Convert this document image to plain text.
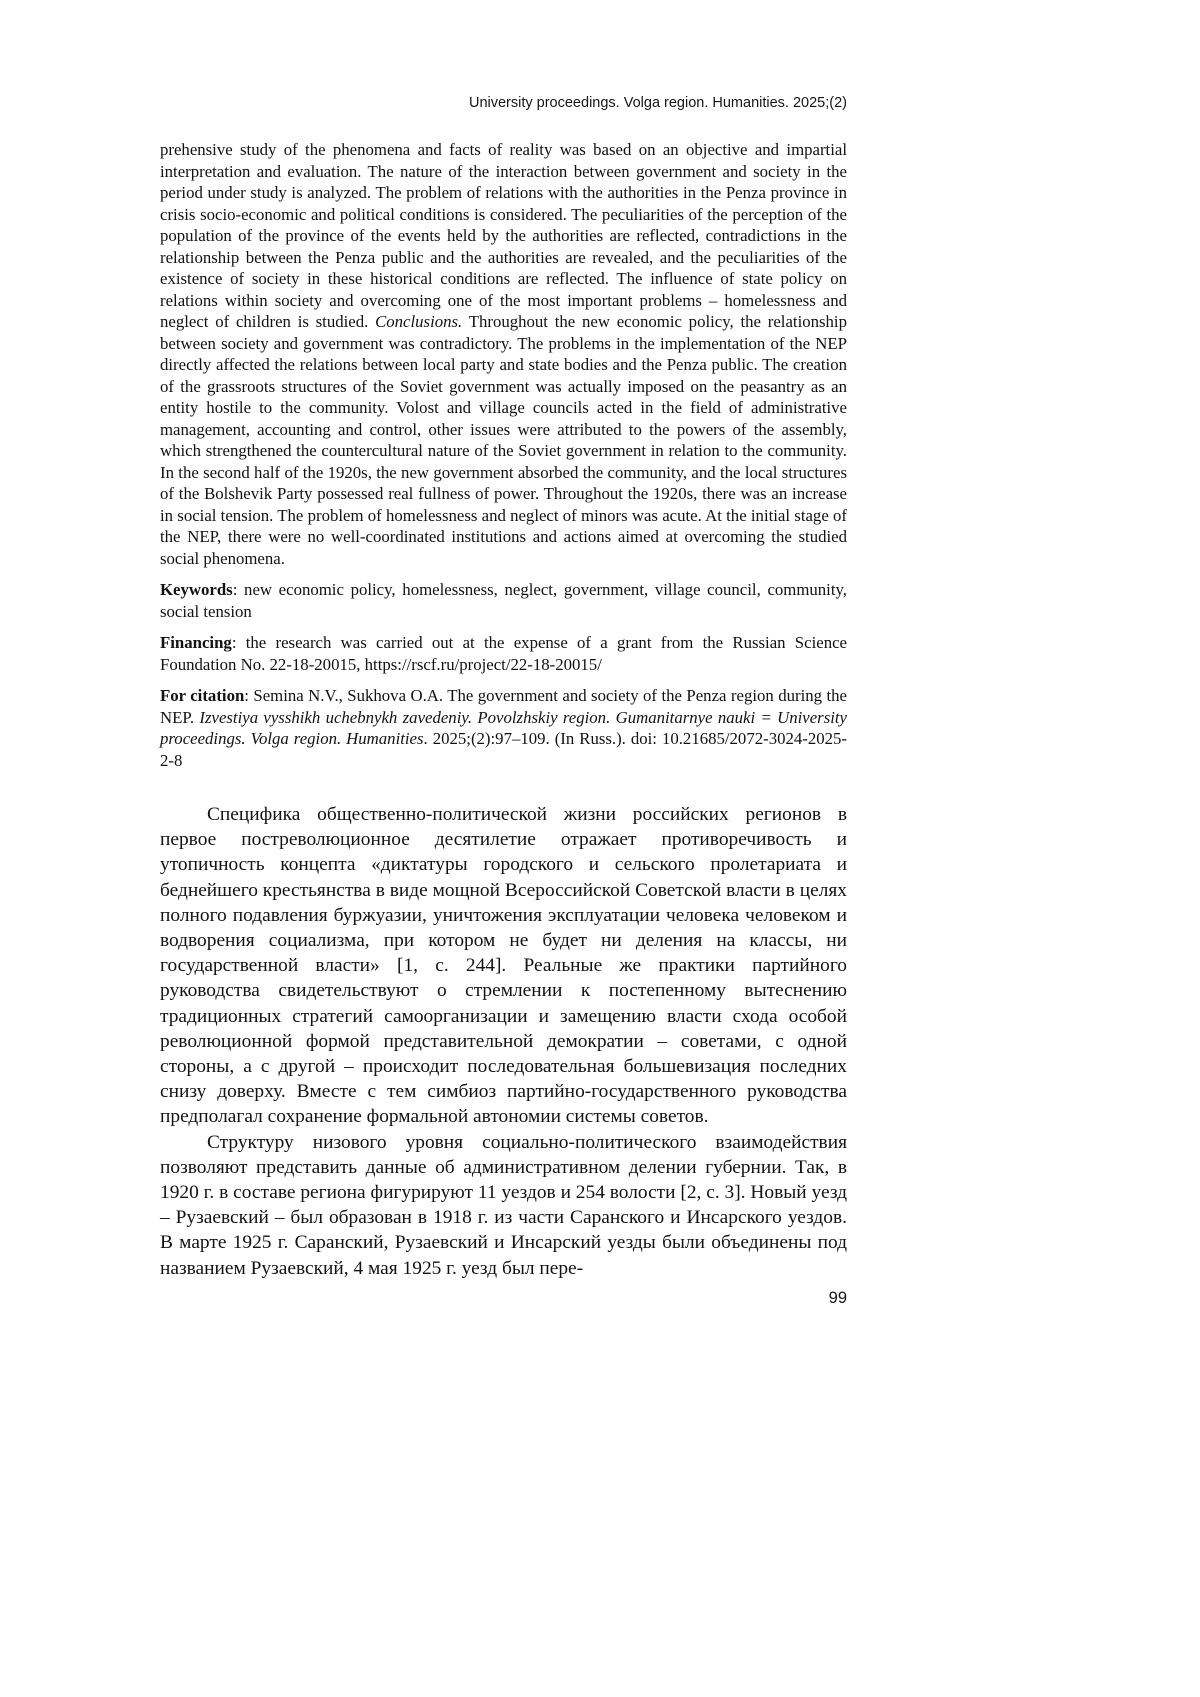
University proceedings. Volga region. Humanities. 2025;(2)

prehensive study of the phenomena and facts of reality was based on an objective and impartial interpretation and evaluation. The nature of the interaction between government and society in the period under study is analyzed. The problem of relations with the authorities in the Penza province in crisis socio-economic and political conditions is considered. The peculiarities of the perception of the population of the province of the events held by the authorities are reflected, contradictions in the relationship between the Penza public and the authorities are revealed, and the peculiarities of the existence of society in these historical conditions are reflected. The influence of state policy on relations within society and overcoming one of the most important problems – homelessness and neglect of children is studied. Conclusions. Throughout the new economic policy, the relationship between society and government was contradictory. The problems in the implementation of the NEP directly affected the relations between local party and state bodies and the Penza public. The creation of the grassroots structures of the Soviet government was actually imposed on the peasantry as an entity hostile to the community. Volost and village councils acted in the field of administrative management, accounting and control, other issues were attributed to the powers of the assembly, which strengthened the countercultural nature of the Soviet government in relation to the community. In the second half of the 1920s, the new government absorbed the community, and the local structures of the Bolshevik Party possessed real fullness of power. Throughout the 1920s, there was an increase in social tension. The problem of homelessness and neglect of minors was acute. At the initial stage of the NEP, there were no well-coordinated institutions and actions aimed at overcoming the studied social phenomena.

Keywords: new economic policy, homelessness, neglect, government, village council, community, social tension

Financing: the research was carried out at the expense of a grant from the Russian Science Foundation No. 22-18-20015, https://rscf.ru/project/22-18-20015/

For citation: Semina N.V., Sukhova O.A. The government and society of the Penza region during the NEP. Izvestiya vysshikh uchebnykh zavedeniy. Povolzhskiy region. Gumanitarnye nauki = University proceedings. Volga region. Humanities. 2025;(2):97–109. (In Russ.). doi: 10.21685/2072-3024-2025-2-8

Специфика общественно-политической жизни российских регионов в первое постреволюционное десятилетие отражает противоречивость и утопичность концепта «диктатуры городского и сельского пролетариата и беднейшего крестьянства в виде мощной Всероссийской Советской власти в целях полного подавления буржуазии, уничтожения эксплуатации человека человеком и водворения социализма, при котором не будет ни деления на классы, ни государственной власти» [1, с. 244]. Реальные же практики партийного руководства свидетельствуют о стремлении к постепенному вытеснению традиционных стратегий самоорганизации и замещению власти схода особой революционной формой представительной демократии – советами, с одной стороны, а с другой – происходит последовательная большевизация последних снизу доверху. Вместе с тем симбиоз партийно-государственного руководства предполагал сохранение формальной автономии системы советов.

Структуру низового уровня социально-политического взаимодействия позволяют представить данные об административном делении губернии. Так, в 1920 г. в составе региона фигурируют 11 уездов и 254 волости [2, с. 3]. Новый уезд – Рузаевский – был образован в 1918 г. из части Саранского и Инсарского уездов. В марте 1925 г. Саранский, Рузаевский и Инсарский уезды были объединены под названием Рузаевский, 4 мая 1925 г. уезд был пере-

99
